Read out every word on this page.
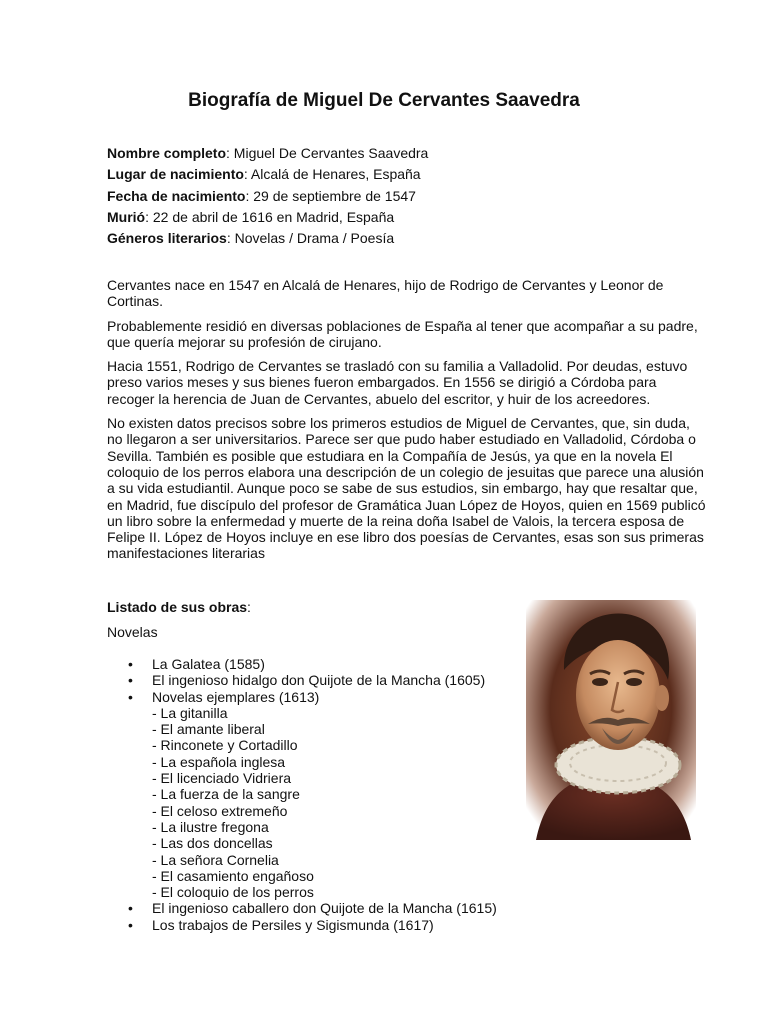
Biografía de Miguel De Cervantes Saavedra
Nombre completo: Miguel De Cervantes Saavedra
Lugar de nacimiento: Alcalá de Henares, España
Fecha de nacimiento: 29 de septiembre de 1547
Murió: 22 de abril de 1616 en Madrid, España
Géneros literarios: Novelas / Drama / Poesía

Cervantes nace en 1547 en Alcalá de Henares, hijo de Rodrigo de Cervantes y Leonor de Cortinas.

Probablemente residió en diversas poblaciones de España al tener que acompañar a su padre, que quería mejorar su profesión de cirujano.

Hacia 1551, Rodrigo de Cervantes se trasladó con su familia a Valladolid. Por deudas, estuvo preso varios meses y sus bienes fueron embargados. En 1556 se dirigió a Córdoba para recoger la herencia de Juan de Cervantes, abuelo del escritor, y huir de los acreedores.

No existen datos precisos sobre los primeros estudios de Miguel de Cervantes, que, sin duda, no llegaron a ser universitarios. Parece ser que pudo haber estudiado en Valladolid, Córdoba o Sevilla. También es posible que estudiara en la Compañía de Jesús, ya que en la novela El coloquio de los perros elabora una descripción de un colegio de jesuitas que parece una alusión a su vida estudiantil. Aunque poco se sabe de sus estudios, sin embargo, hay que resaltar que, en Madrid, fue discípulo del profesor de Gramática Juan López de Hoyos, quien en 1569 publicó un libro sobre la enfermedad y muerte de la reina doña Isabel de Valois, la tercera esposa de Felipe II. López de Hoyos incluye en ese libro dos poesías de Cervantes, esas son sus primeras manifestaciones literarias

Listado de sus obras:
Novelas
• La Galatea (1585)
• El ingenioso hidalgo don Quijote de la Mancha (1605)
• Novelas ejemplares (1613)
- La gitanilla
- El amante liberal
- Rinconete y Cortadillo
- La española inglesa
- El licenciado Vidriera
- La fuerza de la sangre
- El celoso extremeño
- La ilustre fregona
- Las dos doncellas
- La señora Cornelia
- El casamiento engañoso
- El coloquio de los perros
• El ingenioso caballero don Quijote de la Mancha (1615)
• Los trabajos de Persiles y Sigismunda (1617)
